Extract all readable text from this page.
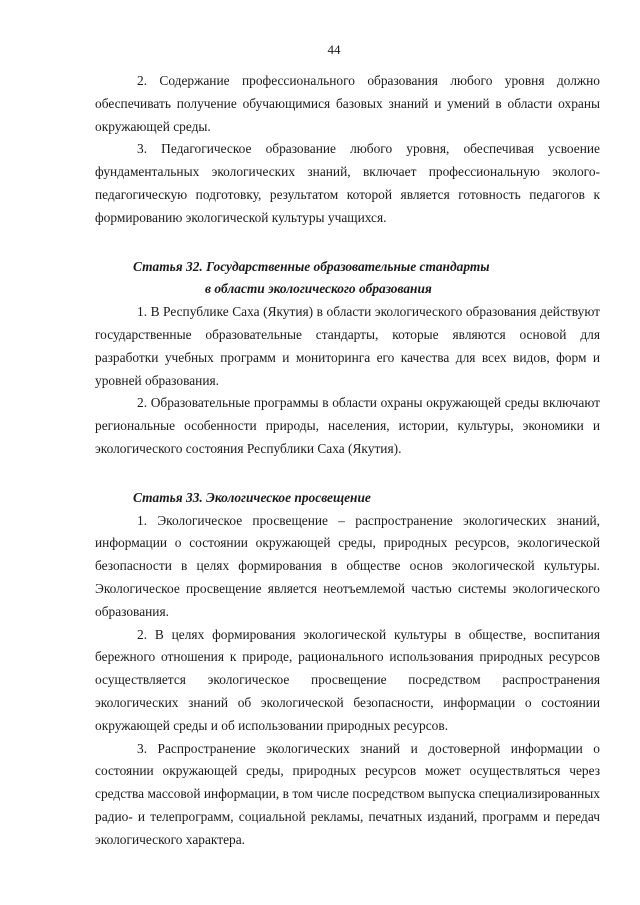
44

2. Содержание профессионального образования любого уровня должно обеспечивать получение обучающимися базовых знаний и умений в области охраны окружающей среды.

3. Педагогическое образование любого уровня, обеспечивая усвоение фундаментальных экологических знаний, включает профессиональную эколого-педагогическую подготовку, результатом которой является готовность педагогов к формированию экологической культуры учащихся.

Статья 32. Государственные образовательные стандарты
в области экологического образования

1. В Республике Саха (Якутия) в области экологического образования действуют государственные образовательные стандарты, которые являются основой для разработки учебных программ и мониторинга его качества для всех видов, форм и уровней образования.

2. Образовательные программы в области охраны окружающей среды включают региональные особенности природы, населения, истории, культуры, экономики и экологического состояния Республики Саха (Якутия).

Статья 33. Экологическое просвещение

1. Экологическое просвещение – распространение экологических знаний, информации о состоянии окружающей среды, природных ресурсов, экологической безопасности в целях формирования в обществе основ экологической культуры. Экологическое просвещение является неотъемлемой частью системы экологического образования.

2. В целях формирования экологической культуры в обществе, воспитания бережного отношения к природе, рационального использования природных ресурсов осуществляется экологическое просвещение посредством распространения экологических знаний об экологической безопасности, информации о состоянии окружающей среды и об использовании природных ресурсов.

3. Распространение экологических знаний и достоверной информации о состоянии окружающей среды, природных ресурсов может осуществляться через средства массовой информации, в том числе посредством выпуска специализированных радио- и телепрограмм, социальной рекламы, печатных изданий, программ и передач экологического характера.
